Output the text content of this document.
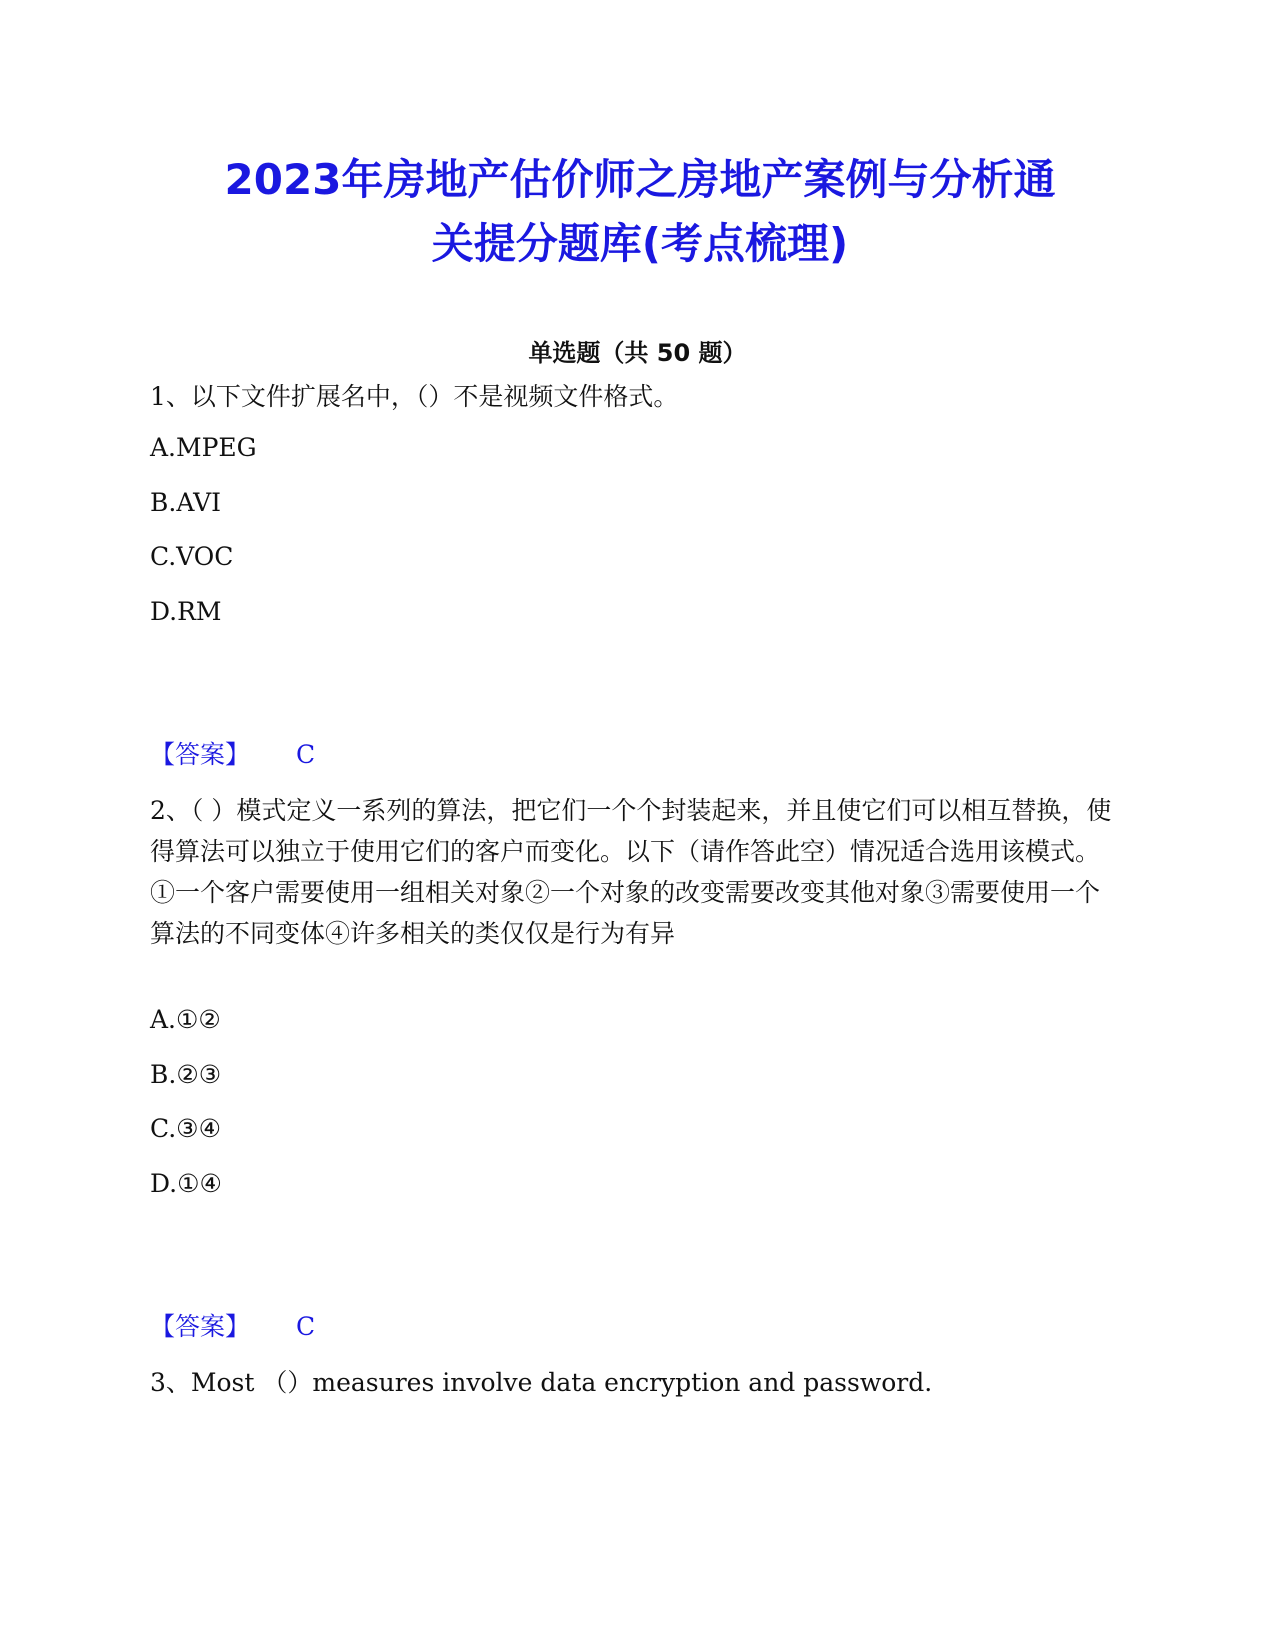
2023年房地产估价师之房地产案例与分析通
关提分题库(考点梳理)
单选题（共 50 题）
1、以下文件扩展名中，（）不是视频文件格式。
A.MPEG
B.AVI
C.VOC
D.RM
【答案】 C
2、（ ）模式定义一系列的算法，把它们一个个封装起来，并且使它们可以相互替换，使得算法可以独立于使用它们的客户而变化。以下（请作答此空）情况适合选用该模式。①一个客户需要使用一组相关对象②一个对象的改变需要改变其他对象③需要使用一个算法的不同变体④许多相关的类仅仅是行为有异
A.①②
B.②③
C.③④
D.①④
【答案】 C
3、Most （）measures involve data encryption and password.
